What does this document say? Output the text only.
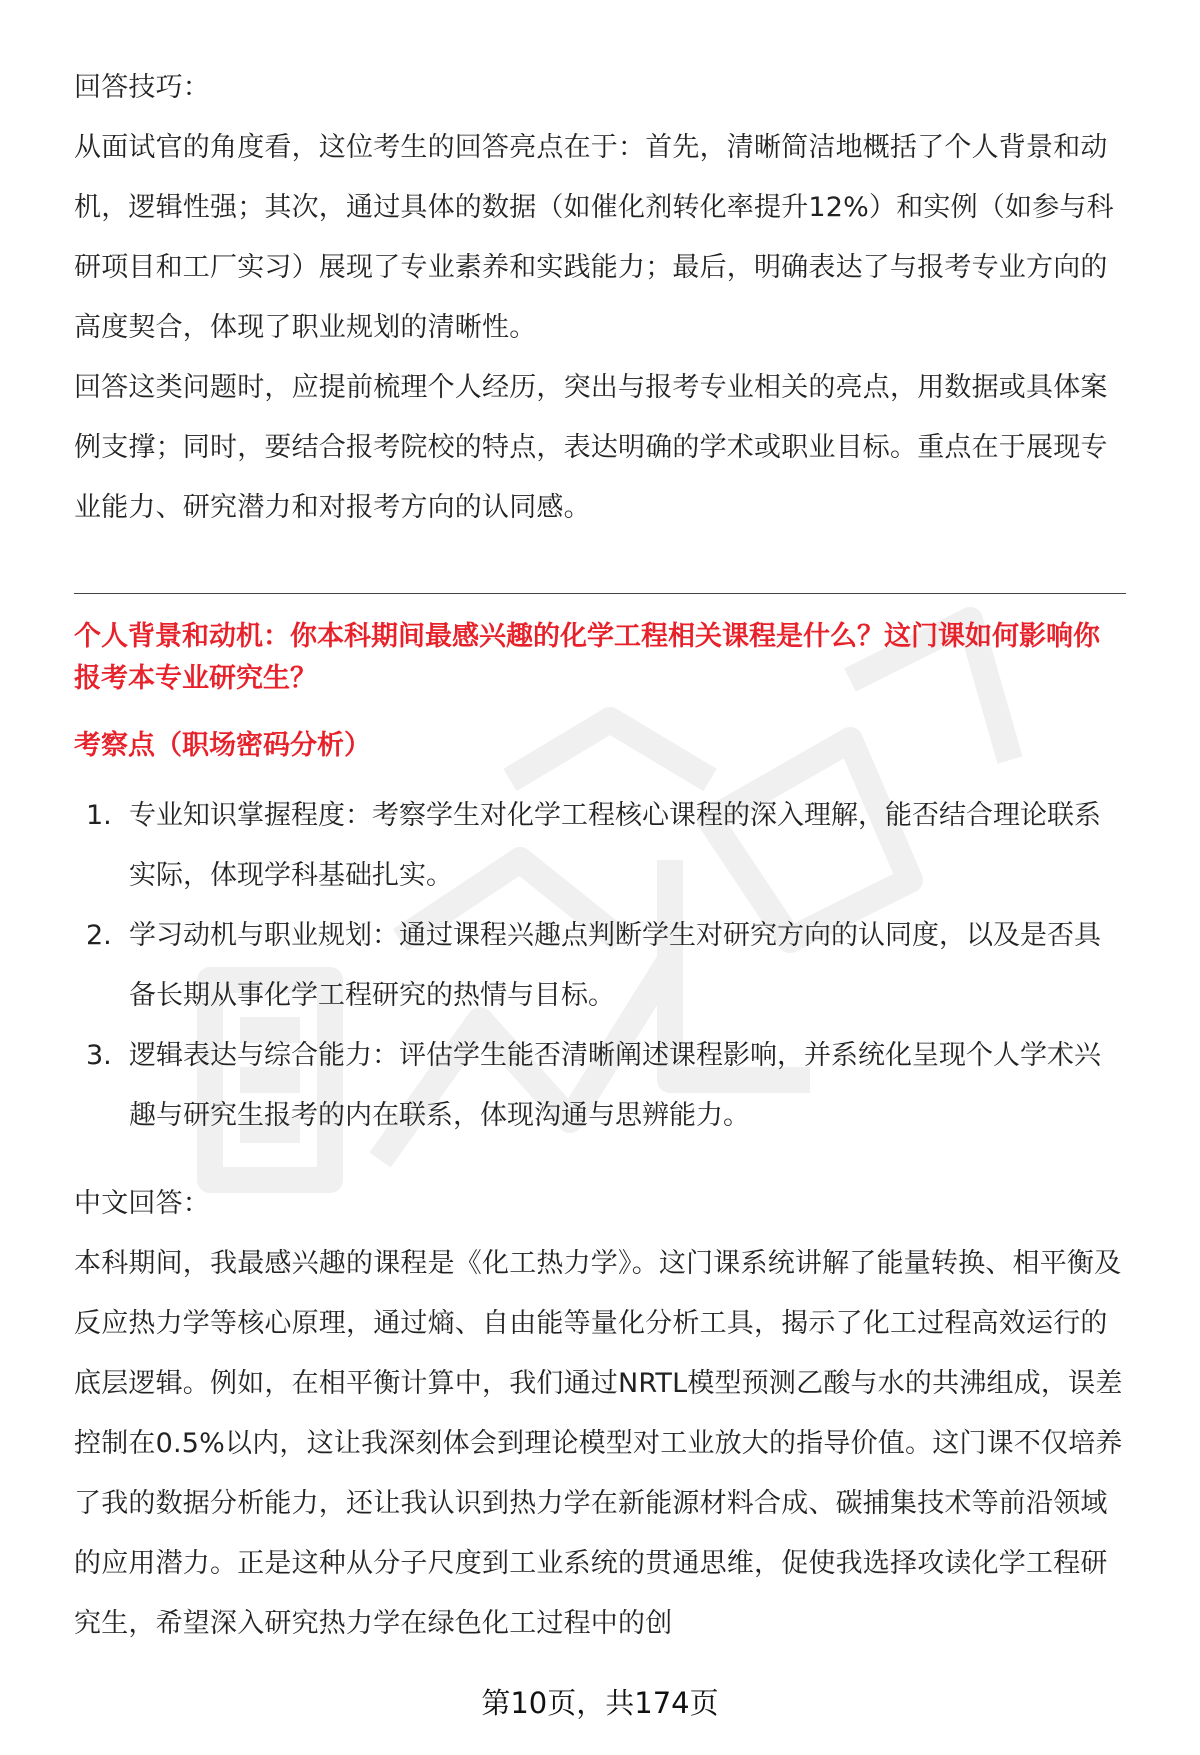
回答技巧：

从面试官的角度看，这位考生的回答亮点在于：首先，清晰简洁地概括了个人背景和动机，逻辑性强；其次，通过具体的数据（如催化剂转化率提升12%）和实例（如参与科研项目和工厂实习）展现了专业素养和实践能力；最后，明确表达了与报考专业方向的高度契合，体现了职业规划的清晰性。

回答这类问题时，应提前梳理个人经历，突出与报考专业相关的亮点，用数据或具体案例支撑；同时，要结合报考院校的特点，表达明确的学术或职业目标。重点在于展现专业能力、研究潜力和对报考方向的认同感。

个人背景和动机：你本科期间最感兴趣的化学工程相关课程是什么？这门课如何影响你报考本专业研究生？
考察点（职场密码分析）
1. 专业知识掌握程度：考察学生对化学工程核心课程的深入理解，能否结合理论联系实际，体现学科基础扎实。
2. 学习动机与职业规划：通过课程兴趣点判断学生对研究方向的认同度，以及是否具备长期从事化学工程研究的热情与目标。
3. 逻辑表达与综合能力：评估学生能否清晰阐述课程影响，并系统化呈现个人学术兴趣与研究生报考的内在联系，体现沟通与思辨能力。

中文回答：

本科期间，我最感兴趣的课程是《化工热力学》。这门课系统讲解了能量转换、相平衡及反应热力学等核心原理，通过熵、自由能等量化分析工具，揭示了化工过程高效运行的底层逻辑。例如，在相平衡计算中，我们通过NRTL模型预测乙酸与水的共沸组成，误差控制在0.5%以内，这让我深刻体会到理论模型对工业放大的指导价值。这门课不仅培养了我的数据分析能力，还让我认识到热力学在新能源材料合成、碳捕集技术等前沿领域的应用潜力。正是这种从分子尺度到工业系统的贯通思维，促使我选择攻读化学工程研究生，希望深入研究热力学在绿色化工过程中的创

第10页，共174页
